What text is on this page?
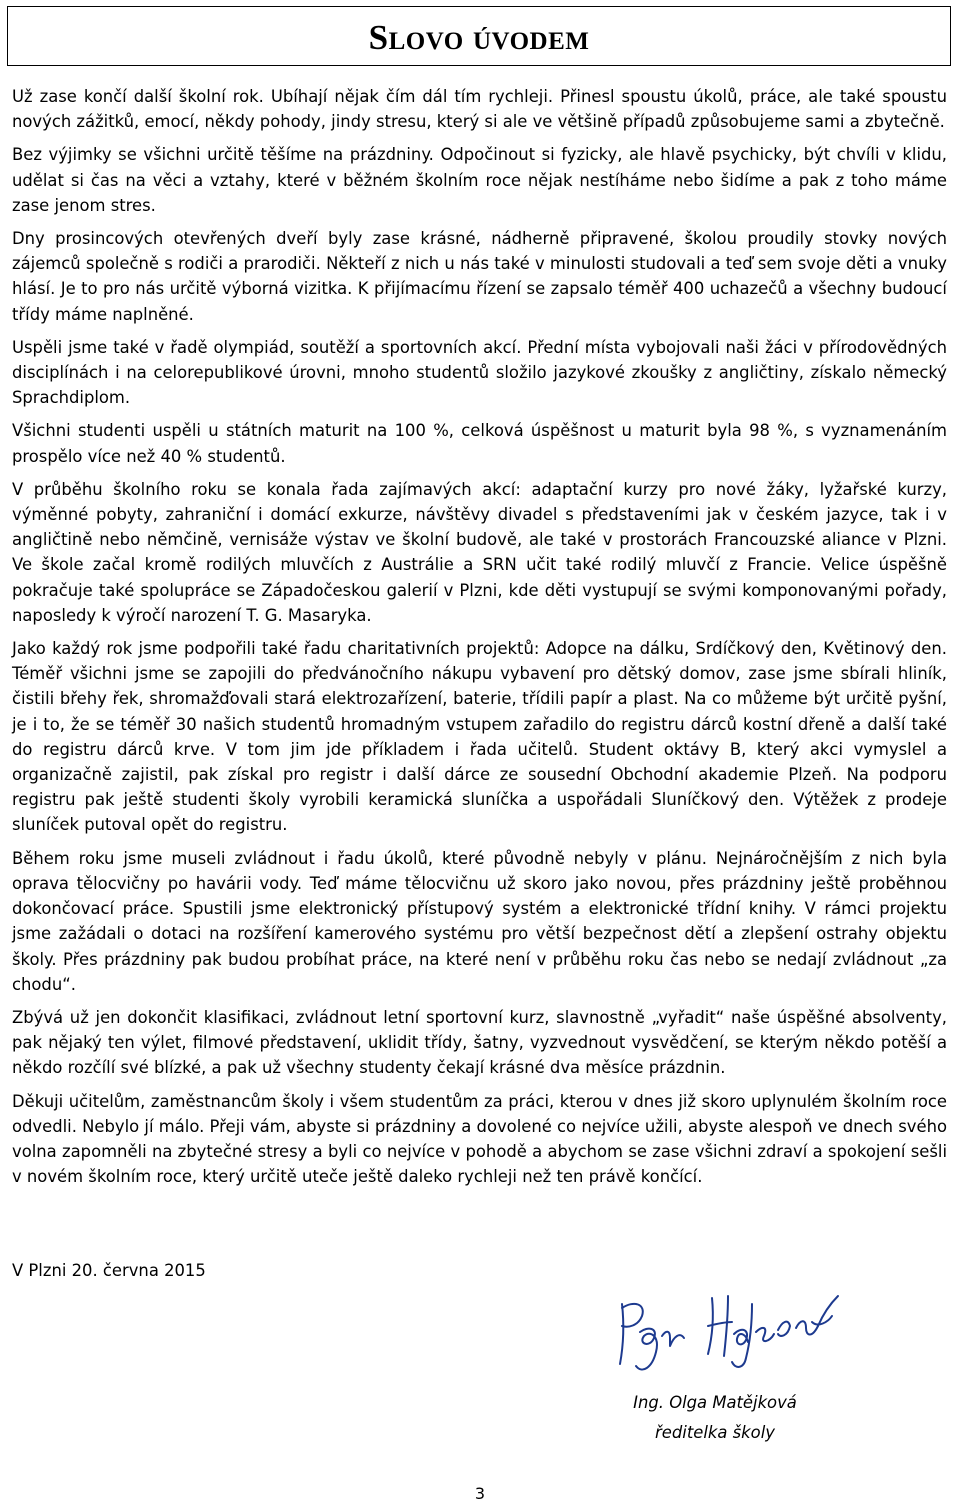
Slovo úvodem

Už zase končí další školní rok. Ubíhají nějak čím dál tím rychleji. Přinesl spoustu úkolů, práce, ale také spoustu nových zážitků, emocí, někdy pohody, jindy stresu, který si ale ve většině případů způsobujeme sami a zbytečně.

Bez výjimky se všichni určitě těšíme na prázdniny. Odpočinout si fyzicky, ale hlavě psychicky, být chvíli v klidu, udělat si čas na věci a vztahy, které v běžném školním roce nějak nestíháme nebo šidíme a pak z toho máme zase jenom stres.

Dny prosincových otevřených dveří byly zase krásné, nádherně připravené, školou proudily stovky nových zájemců společně s rodiči a prarodiči. Někteří z nich u nás také v minulosti studovali a teď sem svoje děti a vnuky hlásí. Je to pro nás určitě výborná vizitka. K přijímacímu řízení se zapsalo téměř 400 uchazečů a všechny budoucí třídy máme naplněné.

Uspěli jsme také v řadě olympiád, soutěží a sportovních akcí. Přední místa vybojovali naši žáci v přírodovědných disciplínách i na celorepublikové úrovni, mnoho studentů složilo jazykové zkoušky z angličtiny, získalo německý Sprachdiplom.

Všichni studenti uspěli u státních maturit na 100 %, celková úspěšnost u maturit byla 98 %, s vyznamenáním prospělo více než 40 % studentů.

V průběhu školního roku se konala řada zajímavých akcí: adaptační kurzy pro nové žáky, lyžařské kurzy, výměnné pobyty, zahraniční i domácí exkurze, návštěvy divadel s představeními jak v českém jazyce, tak i v angličtině nebo němčině, vernisáže výstav ve školní budově, ale také v prostorách Francouzské aliance v Plzni. Ve škole začal kromě rodilých mluvčích z Austrálie a SRN učit také rodilý mluvčí z Francie. Velice úspěšně pokračuje také spolupráce se Západočeskou galerií v Plzni, kde děti vystupují se svými komponovanými pořady, naposledy k výročí narození T. G. Masaryka.

Jako každý rok jsme podpořili také řadu charitativních projektů: Adopce na dálku, Srdíčkový den, Květinový den. Téměř všichni jsme se zapojili do předvánočního nákupu vybavení pro dětský domov, zase jsme sbírali hliník, čistili břehy řek, shromažďovali stará elektrozařízení, baterie, třídili papír a plast. Na co můžeme být určitě pyšní, je i to, že se téměř 30 našich studentů hromadným vstupem zařadilo do registru dárců kostní dřeně a další také do registru dárců krve. V tom jim jde příkladem i řada učitelů. Student oktávy B, který akci vymyslel a organizačně zajistil, pak získal pro registr i další dárce ze sousední Obchodní akademie Plzeň. Na podporu registru pak ještě studenti školy vyrobili keramická sluníčka a uspořádali Sluníčkový den. Výtěžek z prodeje sluníček putoval opět do registru.

Během roku jsme museli zvládnout i řadu úkolů, které původně nebyly v plánu. Nejnáročnějším z nich byla oprava tělocvičny po havárii vody. Teď máme tělocvičnu už skoro jako novou, přes prázdniny ještě proběhnou dokončovací práce. Spustili jsme elektronický přístupový systém a elektronické třídní knihy. V rámci projektu jsme zažádali o dotaci na rozšíření kamerového systému pro větší bezpečnost dětí a zlepšení ostrahy objektu školy. Přes prázdniny pak budou probíhat práce, na které není v průběhu roku čas nebo se nedají zvládnout „za chodu“.

Zbývá už jen dokončit klasifikaci, zvládnout letní sportovní kurz, slavnostně „vyřadit“ naše úspěšné absolventy, pak nějaký ten výlet, filmové představení, uklidit třídy, šatny, vyzvednout vysvědčení, se kterým někdo potěší a někdo rozčílí své blízké, a pak už všechny studenty čekají krásné dva měsíce prázdnin.

Děkuji učitelům, zaměstnancům školy i všem studentům za práci, kterou v dnes již skoro uplynulém školním roce odvedli. Nebylo jí málo. Přeji vám, abyste si prázdniny a dovolené co nejvíce užili, abyste alespoň ve dnech svého volna zapomněli na zbytečné stresy a byli co nejvíce v pohodě a abychom se zase všichni zdraví a spokojení sešli v novém školním roce, který určitě uteče ještě daleko rychleji než ten právě končící.

V Plzni 20. června 2015
Ing. Olga Matějková
ředitelka školy
3
